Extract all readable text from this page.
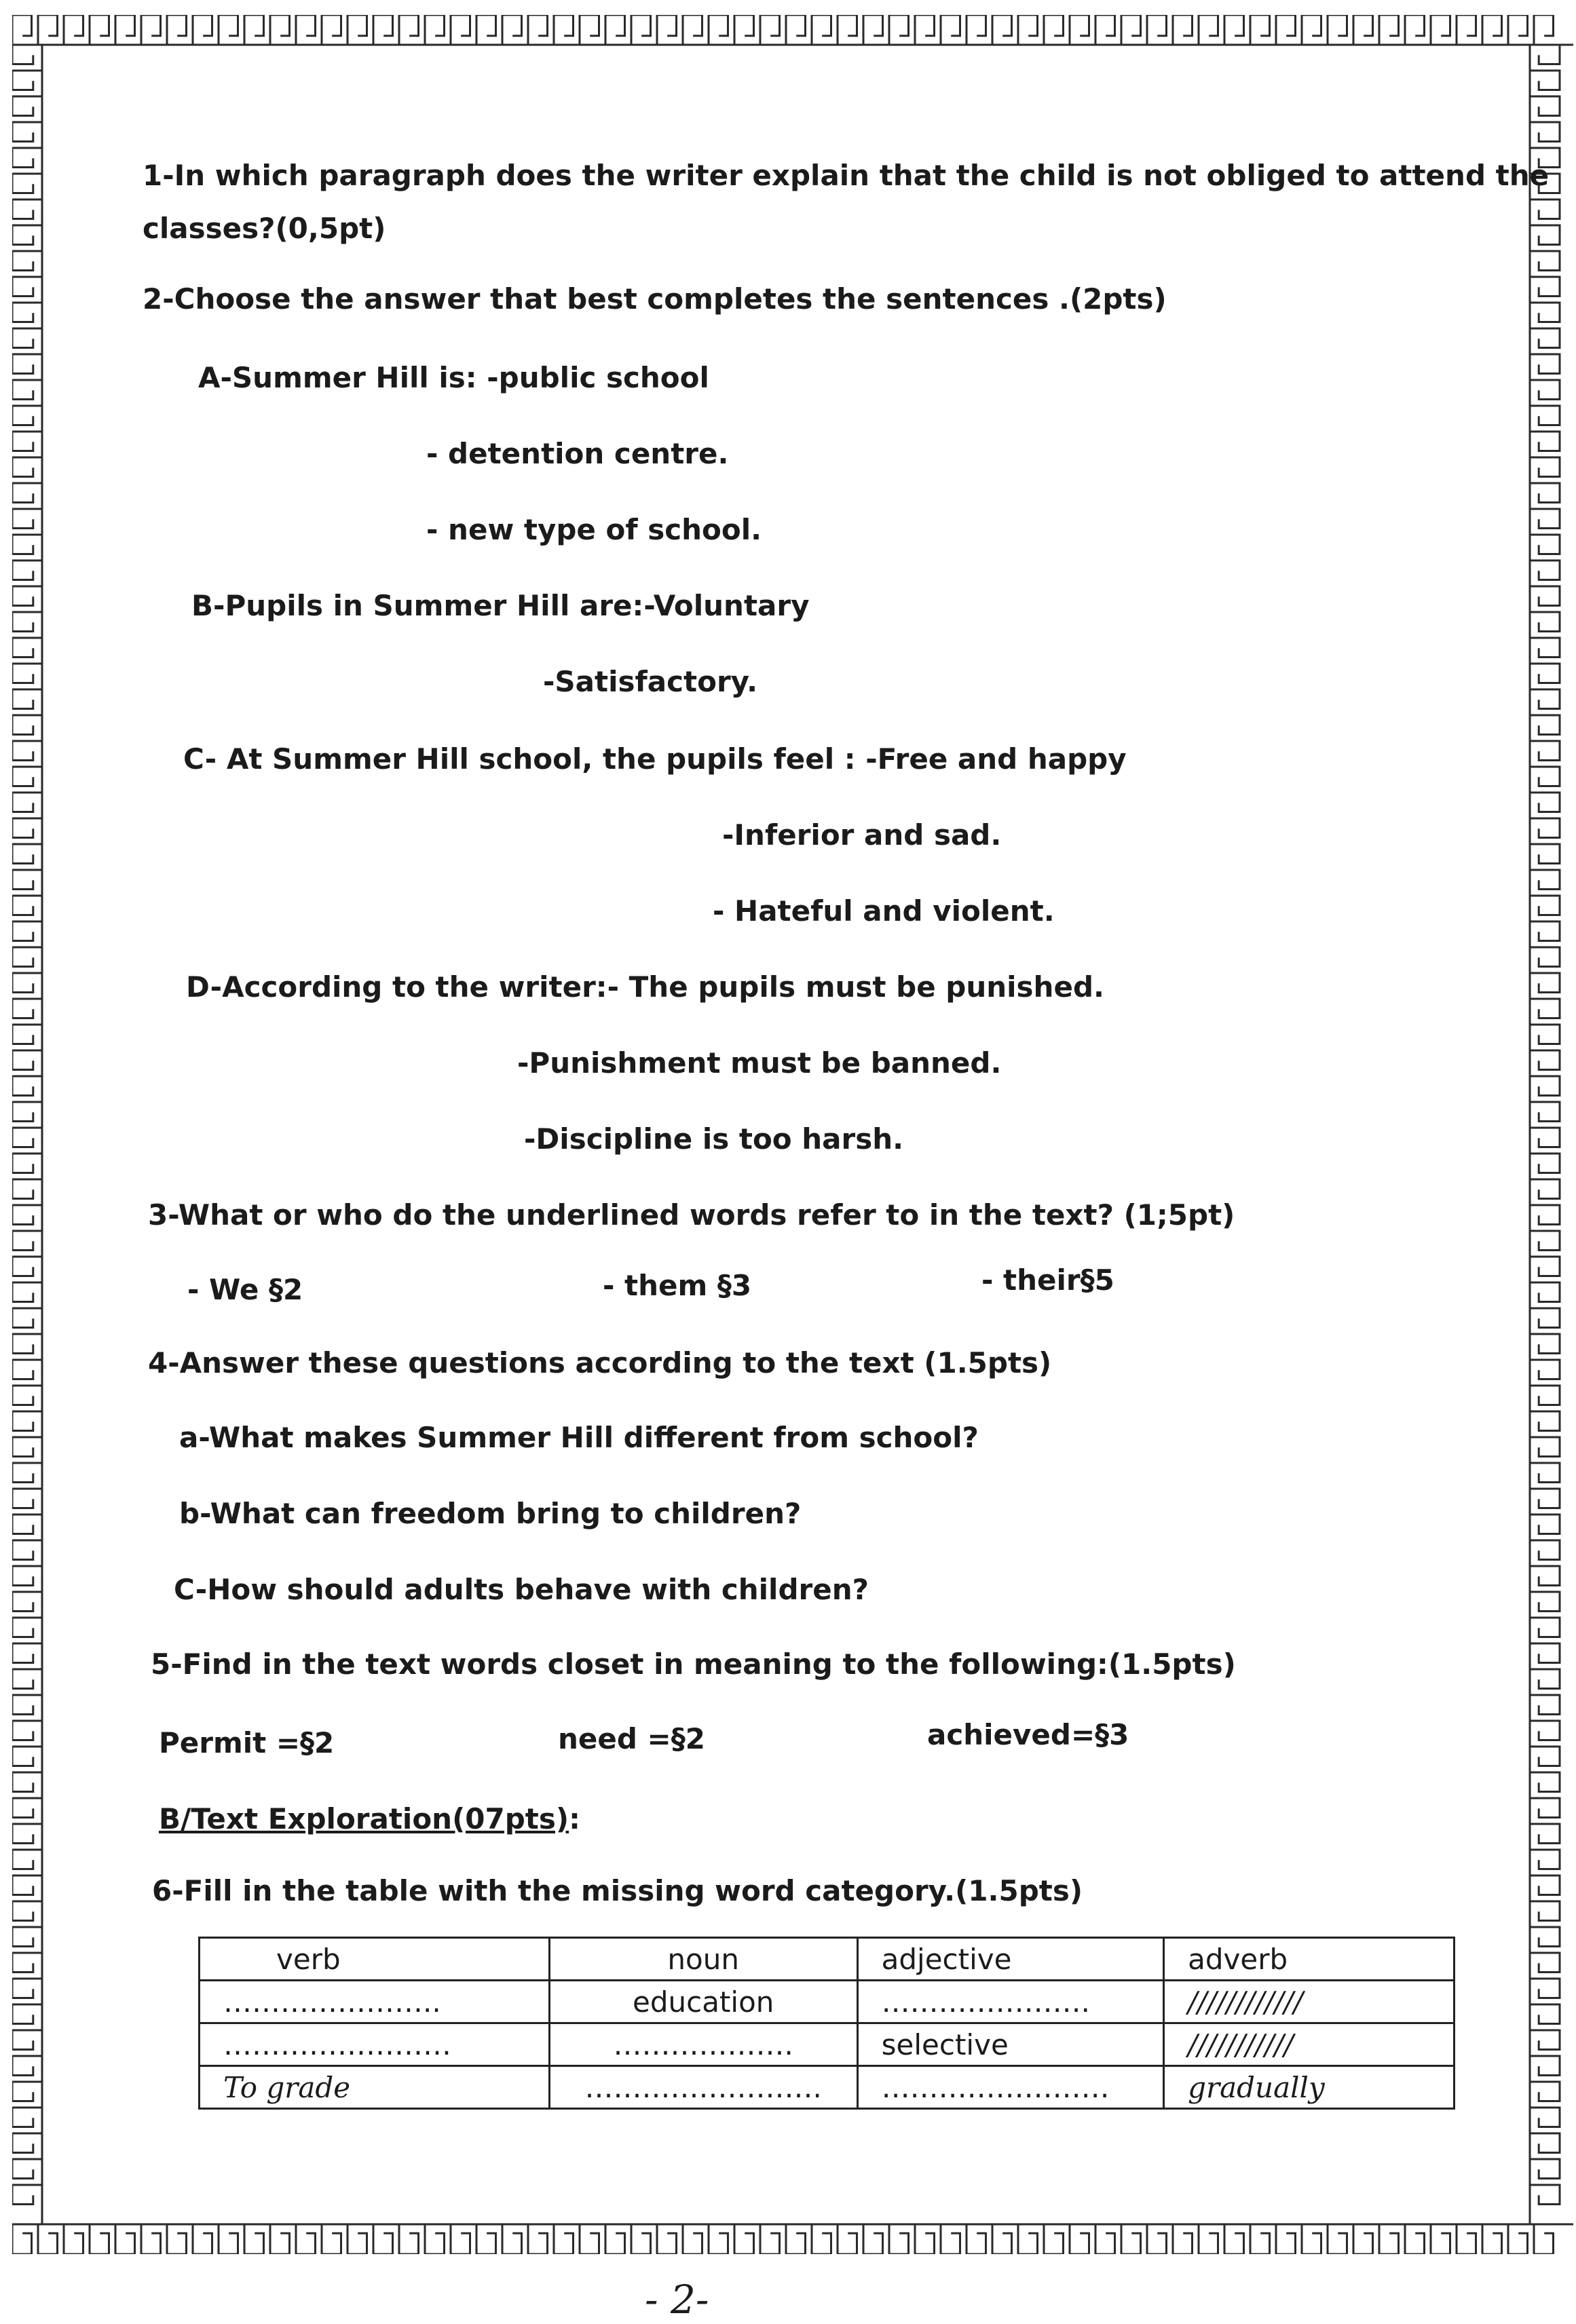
1-In which paragraph does the writer explain that the child is not obliged to attend the
classes?(0,5pt)
2-Choose the answer that best completes the sentences .(2pts)
A-Summer Hill is: -public school
- detention centre.
- new type of school.
B-Pupils in Summer Hill are:-Voluntary
-Satisfactory.
C- At Summer Hill school, the pupils feel : -Free and happy
-Inferior and sad.
- Hateful and violent.
D-According to the writer:- The pupils must be punished.
-Punishment must be banned.
-Discipline is too harsh.
3-What or who do the underlined words refer to in the text? (1;5pt)
- We §2	- them §3	- their§5
4-Answer these questions according to the text (1.5pts)
a-What makes Summer Hill different from school?
b-What can freedom bring to children?
C-How should adults behave with children?
5-Find in the text words closet in meaning to the following:(1.5pts)
Permit =§2	need =§2	achieved=§3
B/Text Exploration(07pts):
6-Fill in the table with the missing word category.(1.5pts)
verb	noun	adjective	adverb
…………………..	education	………………….	////////////
……………………	……………….	selective	///////////
To grade	…………………….	……………………	gradually
- 2-
